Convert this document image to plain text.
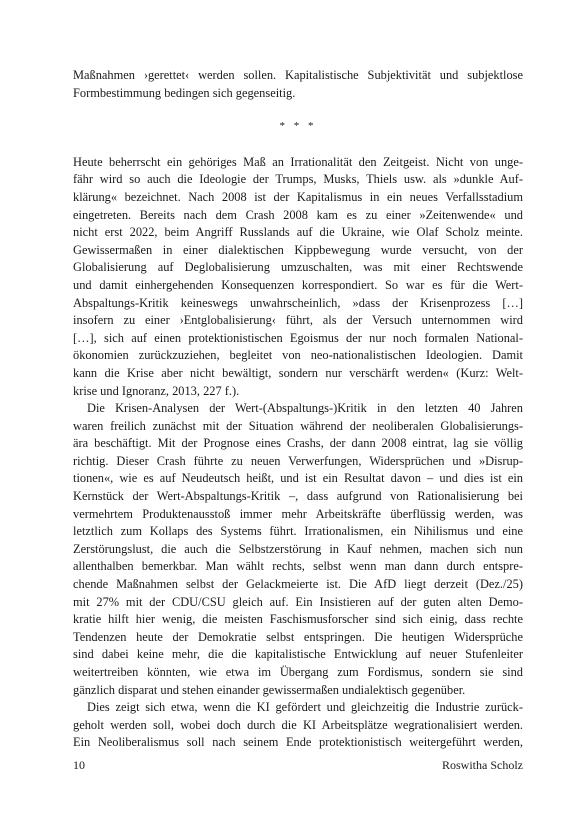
Maßnahmen ›gerettet‹ werden sollen. Kapitalistische Subjektivität und subjektlose
Formbestimmung bedingen sich gegenseitig.
* * *
Heute beherrscht ein gehöriges Maß an Irrationalität den Zeitgeist. Nicht von unge-
fähr wird so auch die Ideologie der Trumps, Musks, Thiels usw. als »dunkle Auf-
klärung« bezeichnet. Nach 2008 ist der Kapitalismus in ein neues Verfallsstadium
eingetreten. Bereits nach dem Crash 2008 kam es zu einer »Zeitenwende« und
nicht erst 2022, beim Angriff Russlands auf die Ukraine, wie Olaf Scholz meinte.
Gewissermaßen in einer dialektischen Kippbewegung wurde versucht, von der
Globalisierung auf Deglobalisierung umzuschalten, was mit einer Rechtswende
und damit einhergehenden Konsequenzen korrespondiert. So war es für die Wert-
Abspaltungs-Kritik keineswegs unwahrscheinlich, »dass der Krisenprozess […]
insofern zu einer ›Entglobalisierung‹ führt, als der Versuch unternommen wird
[…], sich auf einen protektionistischen Egoismus der nur noch formalen National-
ökonomien zurückzuziehen, begleitet von neo-nationalistischen Ideologien. Damit
kann die Krise aber nicht bewältigt, sondern nur verschärft werden« (Kurz: Welt-
krise und Ignoranz, 2013, 227 f.).
Die Krisen-Analysen der Wert-(Abspaltungs-)Kritik in den letzten 40 Jahren
waren freilich zunächst mit der Situation während der neoliberalen Globalisierungs-
ära beschäftigt. Mit der Prognose eines Crashs, der dann 2008 eintrat, lag sie völlig
richtig. Dieser Crash führte zu neuen Verwerfungen, Widersprüchen und »Disrup-
tionen«, wie es auf Neudeutsch heißt, und ist ein Resultat davon – und dies ist ein
Kernstück der Wert-Abspaltungs-Kritik –, dass aufgrund von Rationalisierung bei
vermehrtem Produktenausstoß immer mehr Arbeitskräfte überflüssig werden, was
letztlich zum Kollaps des Systems führt. Irrationalismen, ein Nihilismus und eine
Zerstörungslust, die auch die Selbstzerstörung in Kauf nehmen, machen sich nun
allenthalben bemerkbar. Man wählt rechts, selbst wenn man dann durch entspre-
chende Maßnahmen selbst der Gelackmeierte ist. Die AfD liegt derzeit (Dez./25)
mit 27% mit der CDU/CSU gleich auf. Ein Insistieren auf der guten alten Demo-
kratie hilft hier wenig, die meisten Faschismusforscher sind sich einig, dass rechte
Tendenzen heute der Demokratie selbst entspringen. Die heutigen Widersprüche
sind dabei keine mehr, die die kapitalistische Entwicklung auf neuer Stufenleiter
weitertreiben könnten, wie etwa im Übergang zum Fordismus, sondern sie sind
gänzlich disparat und stehen einander gewissermaßen undialektisch gegenüber.
Dies zeigt sich etwa, wenn die KI gefördert und gleichzeitig die Industrie zurück-
geholt werden soll, wobei doch durch die KI Arbeitsplätze wegrationalisiert werden.
Ein Neoliberalismus soll nach seinem Ende protektionistisch weitergeführt werden,
10	Roswitha Scholz
